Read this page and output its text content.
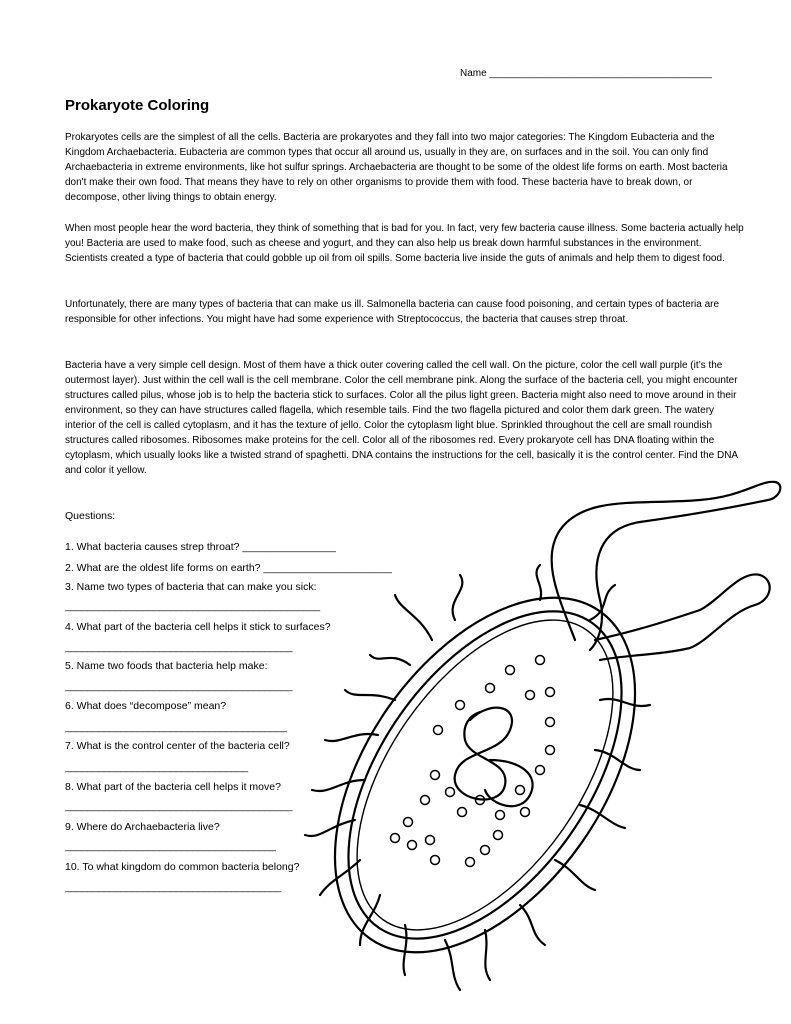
Name ________________________________________
Prokaryote Coloring

Prokaryotes cells are the simplest of all the cells. Bacteria are prokaryotes and they fall into two major categories: The Kingdom Eubacteria and the Kingdom Archaebacteria. Eubacteria are common types that occur all around us, usually in they are, on surfaces and in the soil. You can only find Archaebacteria in extreme environments, like hot sulfur springs. Archaebacteria are thought to be some of the oldest life forms on earth. Most bacteria don't make their own food. That means they have to rely on other organisms to provide them with food. These bacteria have to break down, or decompose, other living things to obtain energy.

When most people hear the word bacteria, they think of something that is bad for you. In fact, very few bacteria cause illness. Some bacteria actually help you! Bacteria are used to make food, such as cheese and yogurt, and they can also help us break down harmful substances in the environment. Scientists created a type of bacteria that could gobble up oil from oil spills. Some bacteria live inside the guts of animals and help them to digest food.

Unfortunately, there are many types of bacteria that can make us ill. Salmonella bacteria can cause food poisoning, and certain types of bacteria are responsible for other infections. You might have had some experience with Streptococcus, the bacteria that causes strep throat.

Bacteria have a very simple cell design. Most of them have a thick outer covering called the cell wall. On the picture, color the cell wall purple (it’s the outermost layer). Just within the cell wall is the cell membrane. Color the cell membrane pink. Along the surface of the bacteria cell, you might encounter structures called pilus, whose job is to help the bacteria stick to surfaces. Color all the pilus light green. Bacteria might also need to move around in their environment, so they can have structures called flagella, which resemble tails. Find the two flagella pictured and color them dark green. The watery interior of the cell is called cytoplasm, and it has the texture of jello. Color the cytoplasm light blue. Sprinkled throughout the cell are small roundish structures called ribosomes. Ribosomes make proteins for the cell. Color all of the ribosomes red. Every prokaryote cell has DNA floating within the cytoplasm, which usually looks like a twisted strand of spaghetti. DNA contains the instructions for the cell, basically it is the control center. Find the DNA and color it yellow.

Questions:
1. What bacteria causes strep throat? ________________
2. What are the oldest life forms on earth? ______________________
3. Name two types of bacteria that can make you sick:
______________________________________________
4. What part of the bacteria cell helps it stick to surfaces?
_________________________________________
5. Name two foods that bacteria help make:
_________________________________________
6. What does “decompose” mean?
________________________________________
7. What is the control center of the bacteria cell?
_________________________________
8. What part of the bacteria cell helps it move?
_________________________________________
9. Where do Archaebacteria live?
______________________________________
10. To what kingdom do common bacteria belong?
_______________________________________
